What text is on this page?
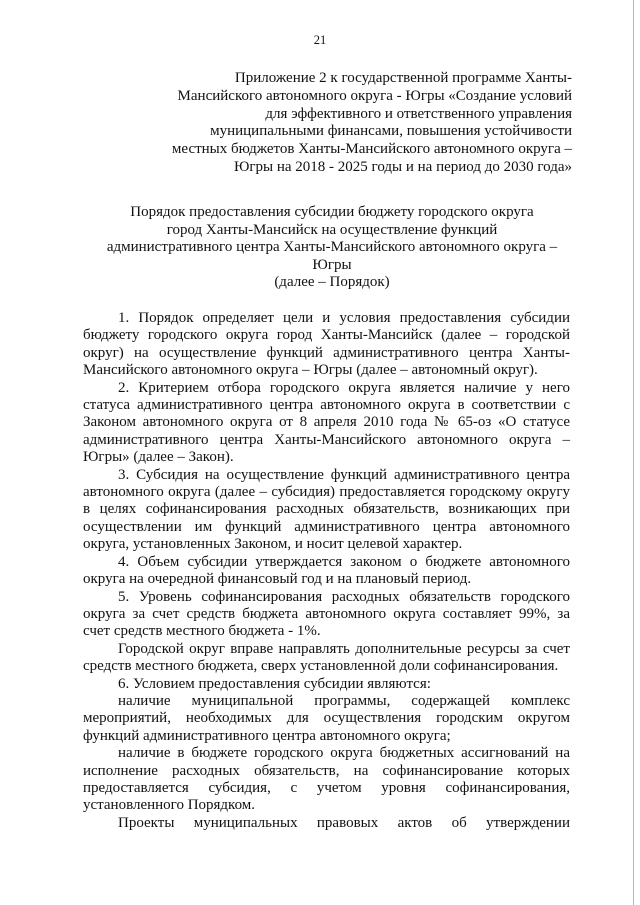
21
Приложение 2 к государственной программе Ханты-Мансийского автономного округа - Югры «Создание условий для эффективного и ответственного управления муниципальными финансами, повышения устойчивости местных бюджетов Ханты-Мансийского автономного округа – Югры на 2018 - 2025 годы и на период до 2030 года»
Порядок предоставления субсидии бюджету городского округа
город Ханты-Мансийск на осуществление функций
административного центра Ханты-Мансийского автономного округа –
Югры
(далее – Порядок)

1. Порядок определяет цели и условия предоставления субсидии бюджету городского округа город Ханты-Мансийск (далее – городской округ) на осуществление функций административного центра Ханты-Мансийского автономного округа – Югры (далее – автономный округ).

2. Критерием отбора городского округа является наличие у него статуса административного центра автономного округа в соответствии с Законом автономного округа от 8 апреля 2010 года № 65-оз «О статусе административного центра Ханты-Мансийского автономного округа – Югры» (далее – Закон).

3. Субсидия на осуществление функций административного центра автономного округа (далее – субсидия) предоставляется городскому округу в целях софинансирования расходных обязательств, возникающих при осуществлении им функций административного центра автономного округа, установленных Законом, и носит целевой характер.

4. Объем субсидии утверждается законом о бюджете автономного округа на очередной финансовый год и на плановый период.

5. Уровень софинансирования расходных обязательств городского округа за счет средств бюджета автономного округа составляет 99%, за счет средств местного бюджета - 1%.

Городской округ вправе направлять дополнительные ресурсы за счет средств местного бюджета, сверх установленной доли софинансирования.

6. Условием предоставления субсидии являются:

наличие муниципальной программы, содержащей комплекс мероприятий, необходимых для осуществления городским округом функций административного центра автономного округа;

наличие в бюджете городского округа бюджетных ассигнований на исполнение расходных обязательств, на софинансирование которых предоставляется субсидия, с учетом уровня софинансирования, установленного Порядком.

Проекты муниципальных правовых актов об утверждении
